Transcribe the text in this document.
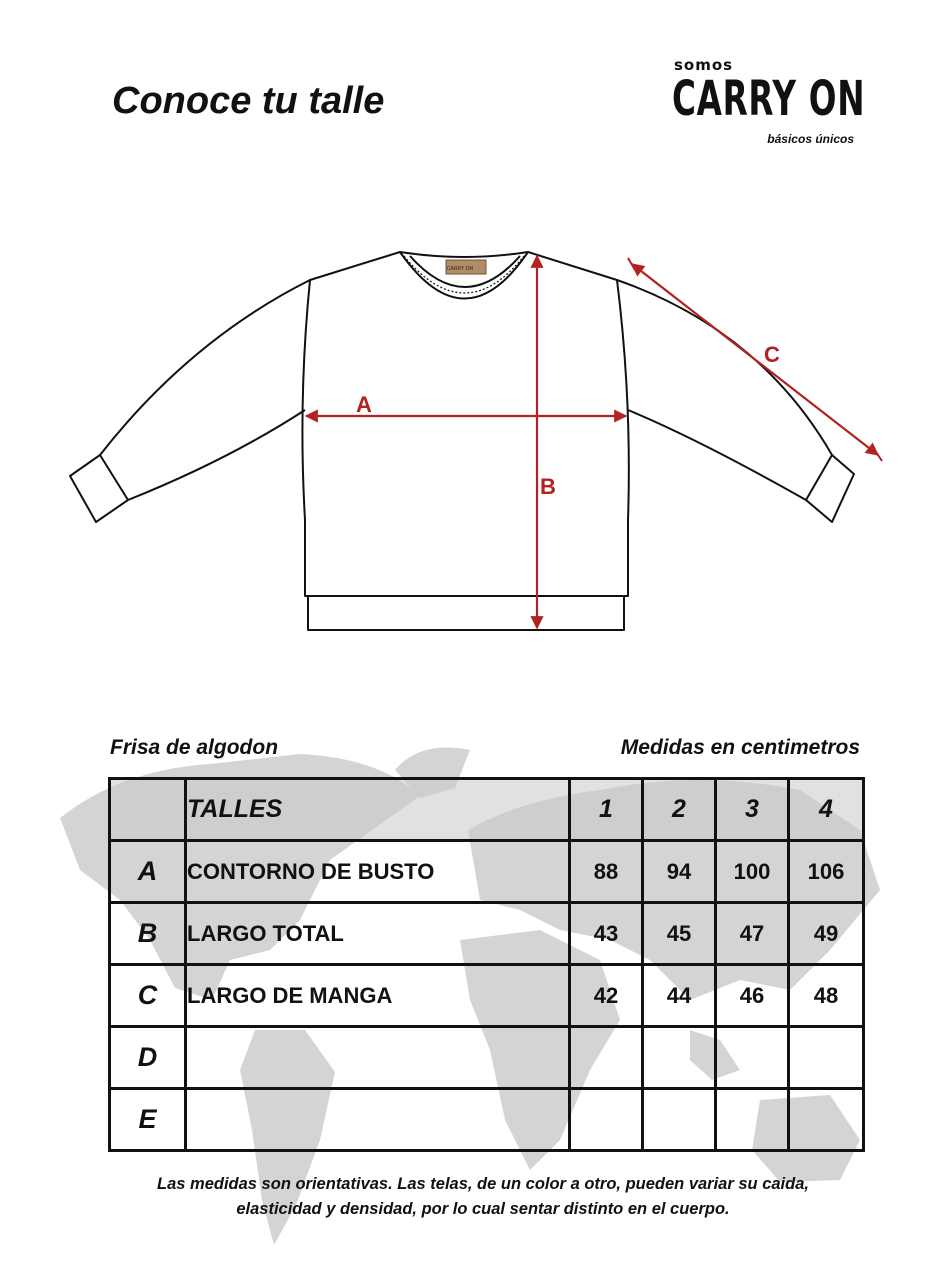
Conoce tu talle
somos
CARRY ON
básicos únicos
CARRY ON
A
B
C
Frisa de algodon	Medidas en centimetros
	TALLES	1	2	3	4
A	CONTORNO DE BUSTO	88	94	100	106
B	LARGO TOTAL	43	45	47	49
C	LARGO DE MANGA	42	44	46	48
D					
E					
Las medidas son orientativas. Las telas, de un color a otro, pueden variar su caida,
elasticidad y densidad, por lo cual sentar distinto en el cuerpo.
